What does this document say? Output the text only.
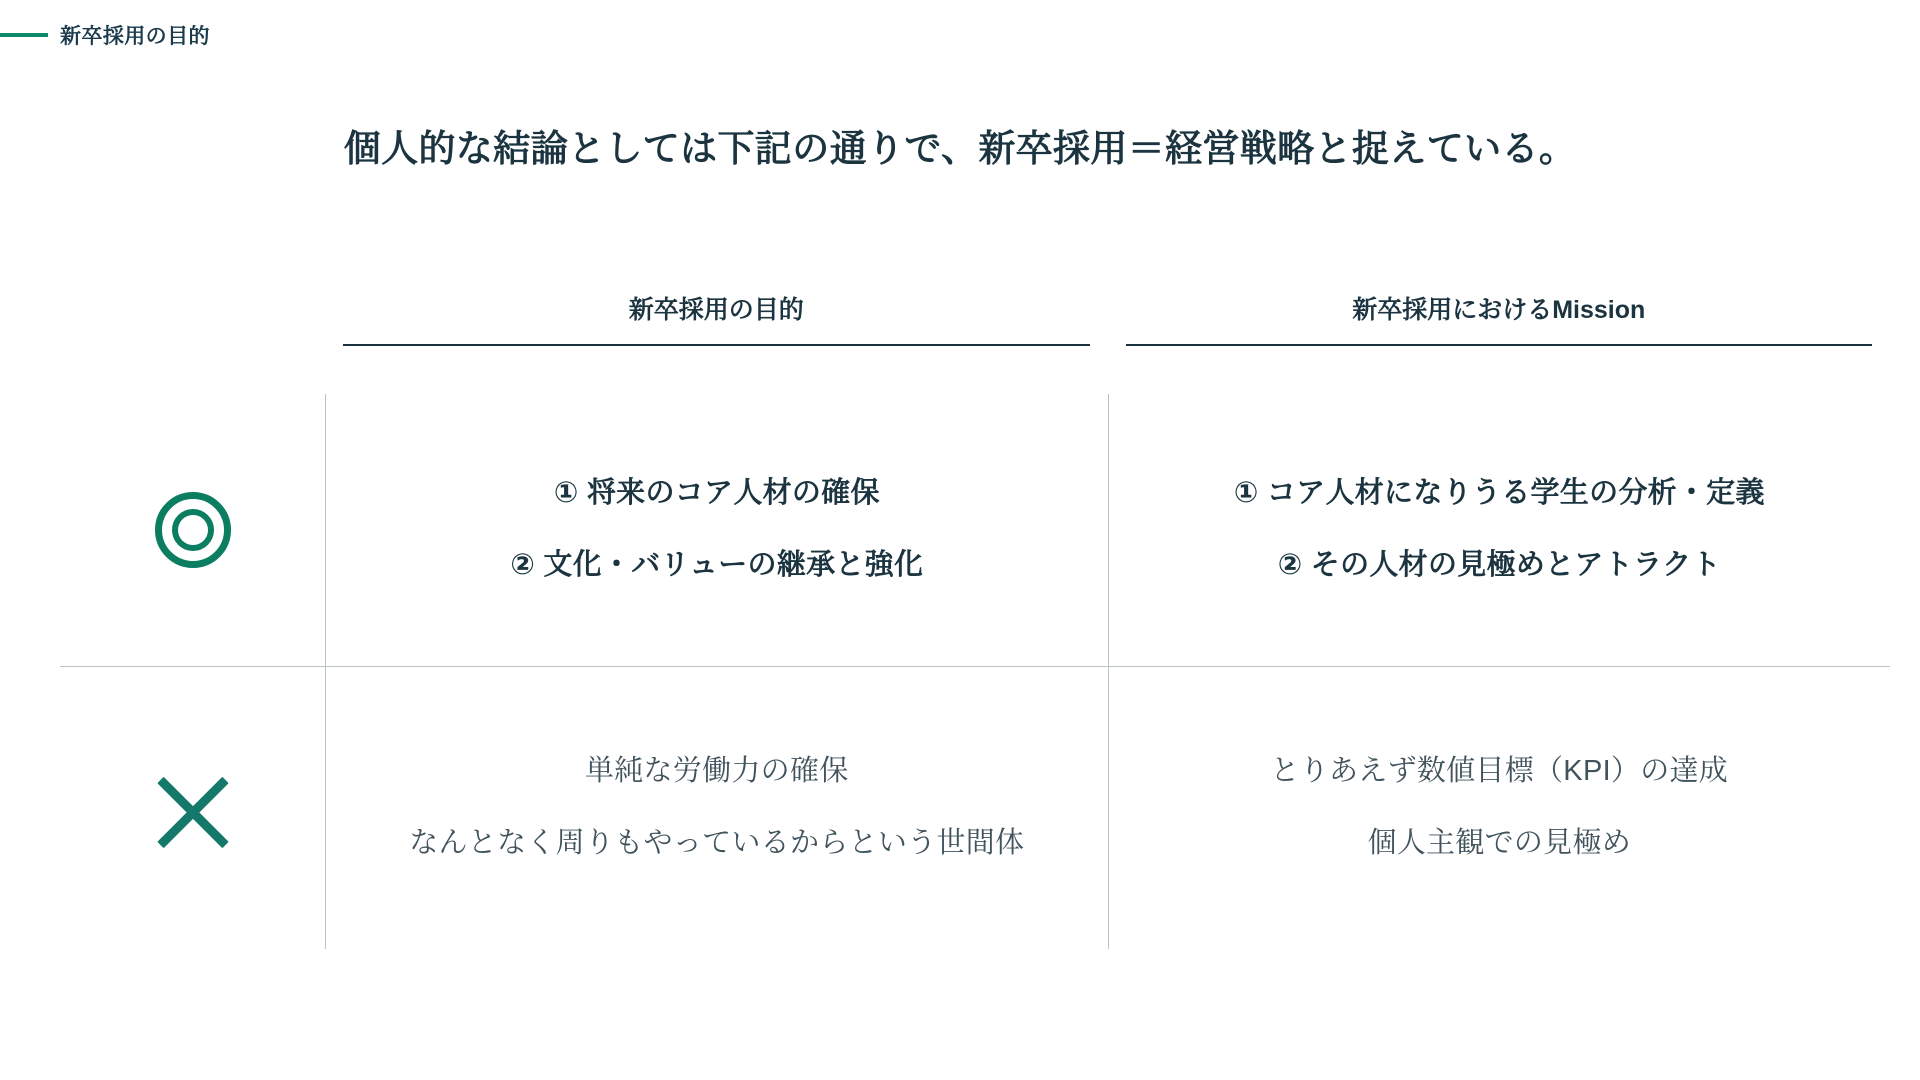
新卒採用の目的
個人的な結論としては下記の通りで、新卒採用＝経営戦略と捉えている。
新卒採用の目的	新卒採用におけるMission
① 将来のコア人材の確保
② 文化・バリューの継承と強化
① コア人材になりうる学生の分析・定義
② その人材の見極めとアトラクト
単純な労働力の確保
なんとなく周りもやっているからという世間体
とりあえず数値目標（KPI）の達成
個人主観での見極め
